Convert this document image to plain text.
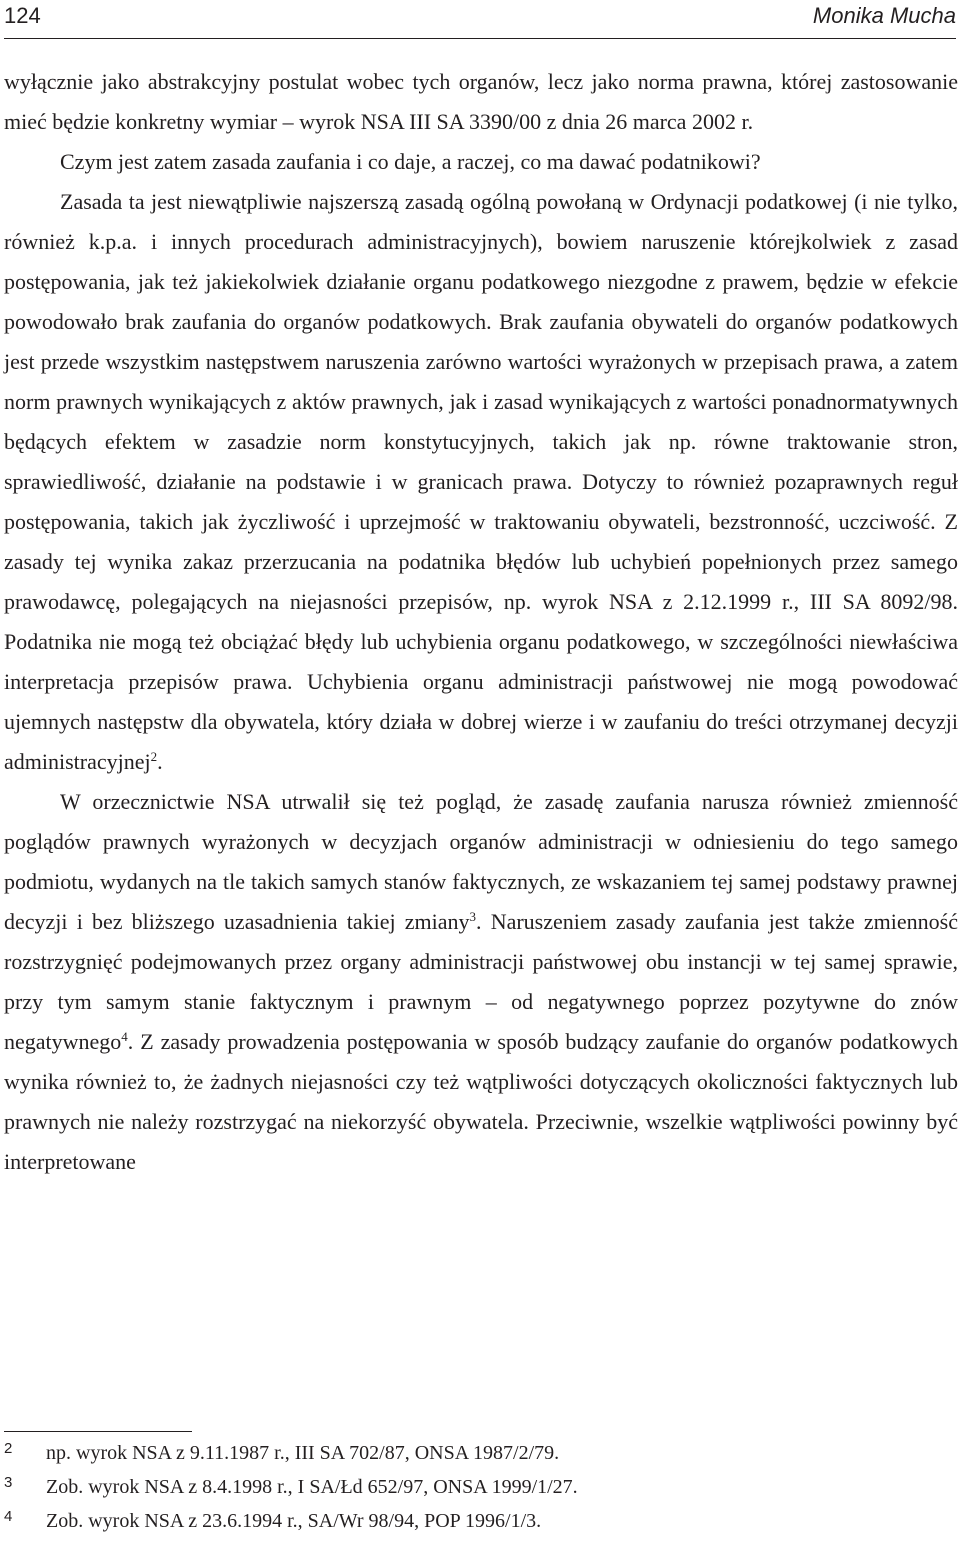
124	Monika Mucha

wyłącznie jako abstrakcyjny postulat wobec tych organów, lecz jako norma prawna, której zastosowanie mieć będzie konkretny wymiar – wyrok NSA III SA 3390/00 z dnia 26 marca 2002 r.

Czym jest zatem zasada zaufania i co daje, a raczej, co ma dawać podatnikowi?

Zasada ta jest niewątpliwie najszerszą zasadą ogólną powołaną w Ordynacji podatkowej (i nie tylko, również k.p.a. i innych procedurach administracyjnych), bowiem naruszenie którejkolwiek z zasad postępowania, jak też jakiekolwiek działanie organu podatkowego niezgodne z prawem, będzie w efekcie powodowało brak zaufania do organów podatkowych. Brak zaufania obywateli do organów podatkowych jest przede wszystkim następstwem naruszenia zarówno wartości wyrażonych w przepisach prawa, a zatem norm prawnych wynikających z aktów prawnych, jak i zasad wynikających z wartości ponadnormatywnych będących efektem w zasadzie norm konstytucyjnych, takich jak np. równe traktowanie stron, sprawiedliwość, działanie na podstawie i w granicach prawa. Dotyczy to również pozaprawnych reguł postępowania, takich jak życzliwość i uprzejmość w traktowaniu obywateli, bezstronność, uczciwość. Z zasady tej wynika zakaz przerzucania na podatnika błędów lub uchybień popełnionych przez samego prawodawcę, polegających na niejasności przepisów, np. wyrok NSA z 2.12.1999 r., III SA 8092/98. Podatnika nie mogą też obciążać błędy lub uchybienia organu podatkowego, w szczególności niewłaściwa interpretacja przepisów prawa. Uchybienia organu administracji państwowej nie mogą powodować ujemnych następstw dla obywatela, który działa w dobrej wierze i w zaufaniu do treści otrzymanej decyzji administracyjnej$^2$.

W orzecznictwie NSA utrwalił się też pogląd, że zasadę zaufania narusza również zmienność poglądów prawnych wyrażonych w decyzjach organów administracji w odniesieniu do tego samego podmiotu, wydanych na tle takich samych stanów faktycznych, ze wskazaniem tej samej podstawy prawnej decyzji i bez bliższego uzasadnienia takiej zmiany$^3$. Naruszeniem zasady zaufania jest także zmienność rozstrzygnięć podejmowanych przez organy administracji państwowej obu instancji w tej samej sprawie, przy tym samym stanie faktycznym i prawnym – od negatywnego poprzez pozytywne do znów negatywnego$^4$. Z zasady prowadzenia postępowania w sposób budzący zaufanie do organów podatkowych wynika również to, że żadnych niejasności czy też wątpliwości dotyczących okoliczności faktycznych lub prawnych nie należy rozstrzygać na niekorzyść obywatela. Przeciwnie, wszelkie wątpliwości powinny być interpretowane

2 np. wyrok NSA z 9.11.1987 r., III SA 702/87, ONSA 1987/2/79.
3 Zob. wyrok NSA z 8.4.1998 r., I SA/Łd 652/97, ONSA 1999/1/27.
4 Zob. wyrok NSA z 23.6.1994 r., SA/Wr 98/94, POP 1996/1/3.
